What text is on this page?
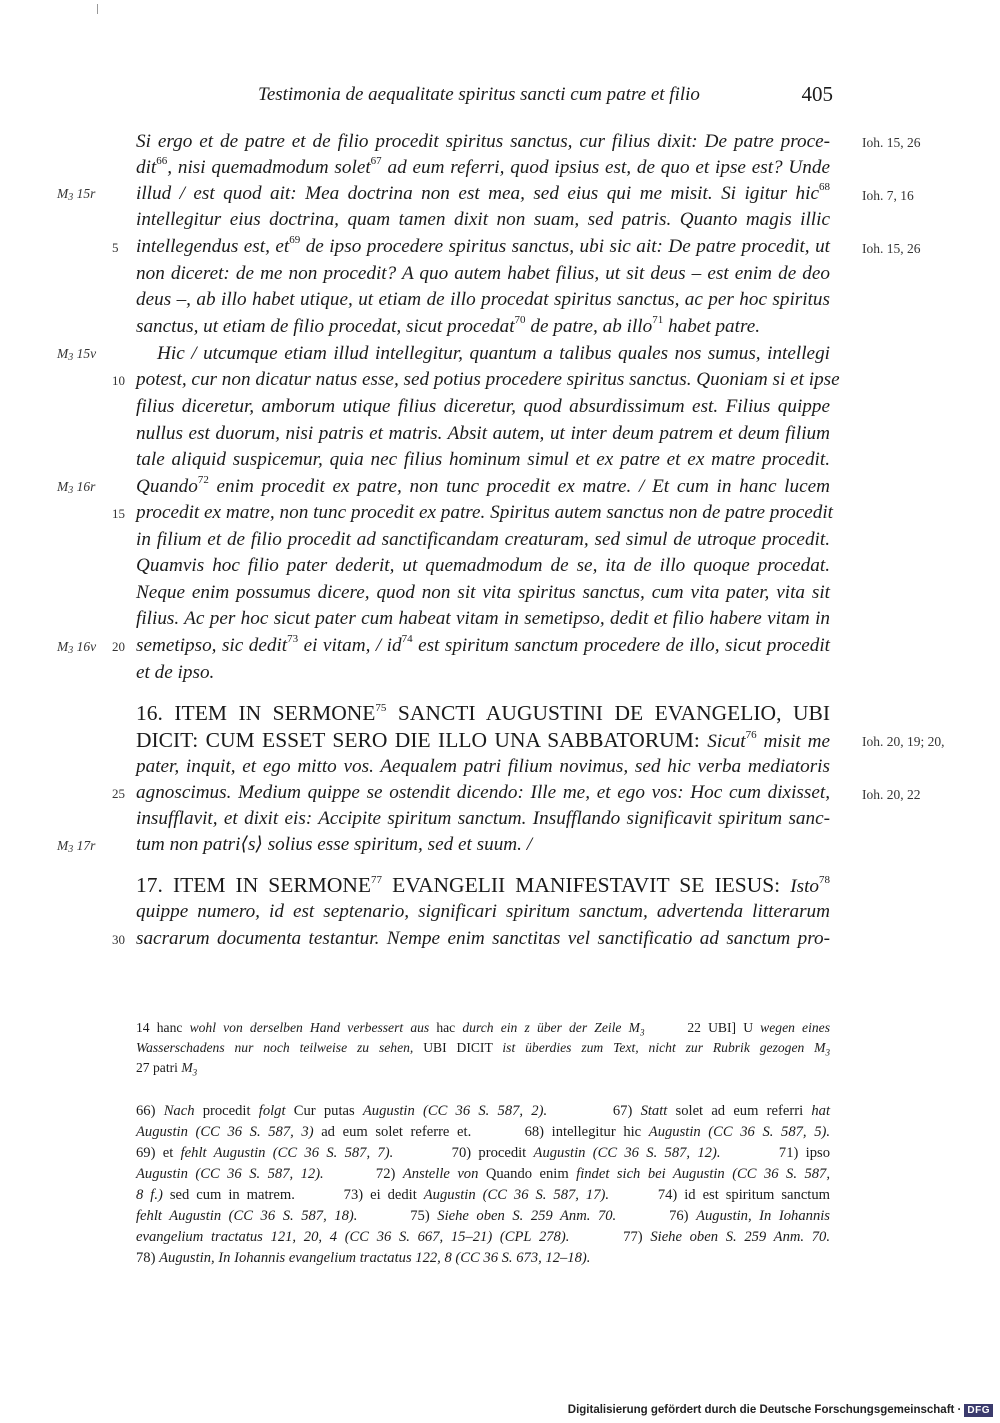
Testimonia de aequalitate spiritus sancti cum patre et filio	405
Si ergo et de patre et de filio procedit spiritus sanctus, cur filius dixit: De patre proce-
dit$^{66}$, nisi quemadmodum solet$^{67}$ ad eum referri, quod ipsius est, de quo et ipse est? Unde
illud / est quod ait: Mea doctrina non est mea, sed eius qui me misit. Si igitur hic$^{68}$
intellegitur eius doctrina, quam tamen dixit non suam, sed patris. Quanto magis illic
intellegendus est, $et^{69}$ de ipso procedere spiritus sanctus, ubi sic ait: De patre procedit, ut
non diceret: de me non procedit? A quo autem habet filius, ut sit deus – est enim de deo
deus –, ab illo habet utique, ut etiam de illo procedat spiritus sanctus, ac per hoc spiritus
sanctus, ut etiam de filio procedat, sicut procedat$^{70}$ de patre, ab illo$^{71}$ habet patre.
Hic / utcumque etiam illud intellegitur, quantum a talibus quales nos sumus, intellegi
potest, cur non dicatur natus esse, sed potius procedere spiritus sanctus. Quoniam si et ipse
filius diceretur, amborum utique filius diceretur, quod absurdissimum est. Filius quippe
nullus est duorum, nisi patris et matris. Absit autem, ut inter deum patrem et deum filium
tale aliquid suspicemur, quia nec filius hominum simul et ex patre et ex matre procedit.
Quando$^{72}$ enim procedit ex patre, non tunc procedit ex matre. / Et cum in hanc lucem
procedit ex matre, non tunc procedit ex patre. Spiritus autem sanctus non de patre procedit
in filium et de filio procedit ad sanctificandam creaturam, sed simul de utroque procedit.
Quamvis hoc filio pater dederit, ut quemadmodum de se, ita de illo quoque procedat.
Neque enim possumus dicere, quod non sit vita spiritus sanctus, cum vita pater, vita sit
filius. Ac per hoc sicut pater cum habeat vitam in semetipso, dedit et filio habere vitam in
semetipso, sic dedit$^{73}$ ei vitam, / $id^{74}$ est spiritum sanctum procedere de illo, sicut procedit
et de ipso.
16. ITEM IN SERMONE$^{75}$ SANCTI AUGUSTINI DE EVANGELIO, UBI
DICIT: CUM ESSET SERO DIE ILLO UNA SABBATORUM: Sicut$^{76}$ misit me
pater, inquit, et ego mitto vos. Aequalem patri filium novimus, sed hic verba mediatoris
agnoscimus. Medium quippe se ostendit dicendo: Ille me, et ego vos: Hoc cum dixisset,
insufflavit, et dixit eis: Accipite spiritum sanctum. Insufflando significavit spiritum sanc-
tum non patri⟨s⟩ solius esse spiritum, sed et suum. /
17. ITEM IN SERMONE$^{77}$ EVANGELII MANIFESTAVIT SE IESUS: Isto$^{78}$
quippe numero, id est septenario, significari spiritum sanctum, advertenda litterarum
sacrarum documenta testantur. Nempe enim sanctitas vel sanctificatio ad sanctum pro-
5
10
15
20
25
30
$M_3$ 15r
$M_3$ 15v
$M_3$ 16r
$M_3$ 16v
$M_3$ 17r
Ioh. 15, 26
Ioh. 7, 16
Ioh. 15, 26
Ioh. 20, 19; 20,
Ioh. 20, 22
14 hanc wohl von derselben Hand verbessert aus hac durch ein z über der Zeile $M_3$      22 UBI] U wegen eines
Wasserschadens nur noch teilweise zu sehen, UBI DICIT ist überdies zum Text, nicht zur Rubrik gezogen $M_3$
27 patri $M_3$
66) Nach procedit folgt Cur putas Augustin (CC 36 S. 587, 2).        67) Statt solet ad eum referri hat
Augustin (CC 36 S. 587, 3) ad eum solet referre et.       68) intellegitur hic Augustin (CC 36 S. 587, 5).
69) et fehlt Augustin (CC 36 S. 587, 7).        70) procedit Augustin (CC 36 S. 587, 12).        71) ipso
Augustin (CC 36 S. 587, 12).       72) Anstelle von Quando enim findet sich bei Augustin (CC 36 S. 587,
8 f.) sed cum in matrem.       73) ei dedit Augustin (CC 36 S. 587, 17).       74) id est spiritum sanctum
fehlt Augustin (CC 36 S. 587, 18).       75) Siehe oben S. 259 Anm. 70.       76) Augustin, In Iohannis
evangelium tractatus 121, 20, 4 (CC 36 S. 667, 15–21) (CPL 278).       77) Siehe oben S. 259 Anm. 70.
78) Augustin, In Iohannis evangelium tractatus 122, 8 (CC 36 S. 673, 12–18).
Digitalisierung gefördert durch die Deutsche Forschungsgemeinschaft · DFG
